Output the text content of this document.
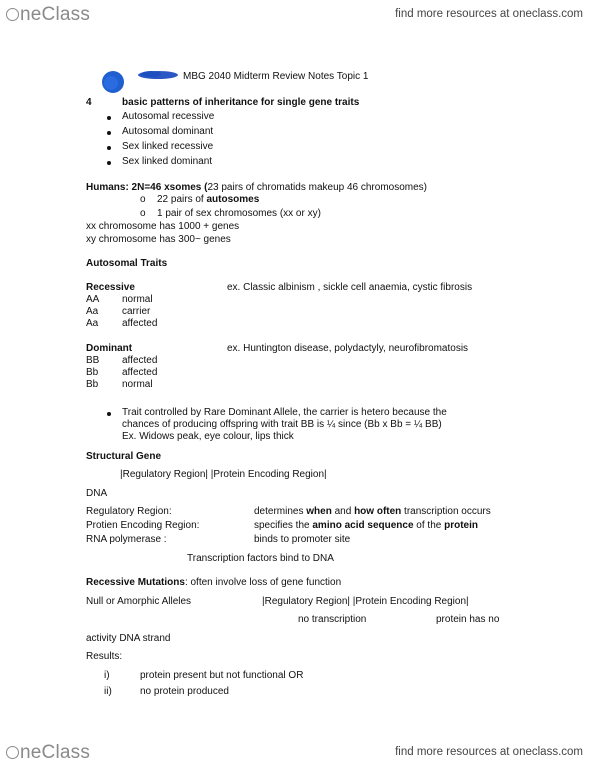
neClass	find more resources at oneclass.com
MBG 2040 Midterm Review Notes Topic 1
4	basic patterns of inheritance for single gene traits
Autosomal recessive
Autosomal dominant
Sex linked recessive
Sex linked dominant
Humans: 2N=46 xsomes (23 pairs of chromatids makeup 46 chromosomes)
o 22 pairs of autosomes
o 1 pair of sex chromosomes (xx or xy)
xx chromosome has 1000 + genes
xy chromosome has 300~ genes
Autosomal Traits
Recessive	ex. Classic albinism , sickle cell anaemia, cystic fibrosis
AA normal
Aa carrier
Aa affected
Dominant	ex. Huntington disease, polydactyly, neurofibromatosis
BB affected
Bb affected
Bb normal
Trait controlled by Rare Dominant Allele, the carrier is hetero because the
chances of producing offspring with trait BB is ¼ since (Bb x Bb = ¼ BB)
Ex. Widows peak, eye colour, lips thick
Structural Gene
|Regulatory Region| |Protein Encoding Region|
DNA
Regulatory Region:	determines when and how often transcription occurs
Protien Encoding Region:	specifies the amino acid sequence of the protein
RNA polymerase :	binds to promoter site
Transcription factors bind to DNA
Recessive Mutations: often involve loss of gene function
Null or Amorphic Alleles	|Regulatory Region| |Protein Encoding Region|
no transcription	protein has no
activity DNA strand
Results:
i)	protein present but not functional OR
ii)	no protein produced
neClass	find more resources at oneclass.com
